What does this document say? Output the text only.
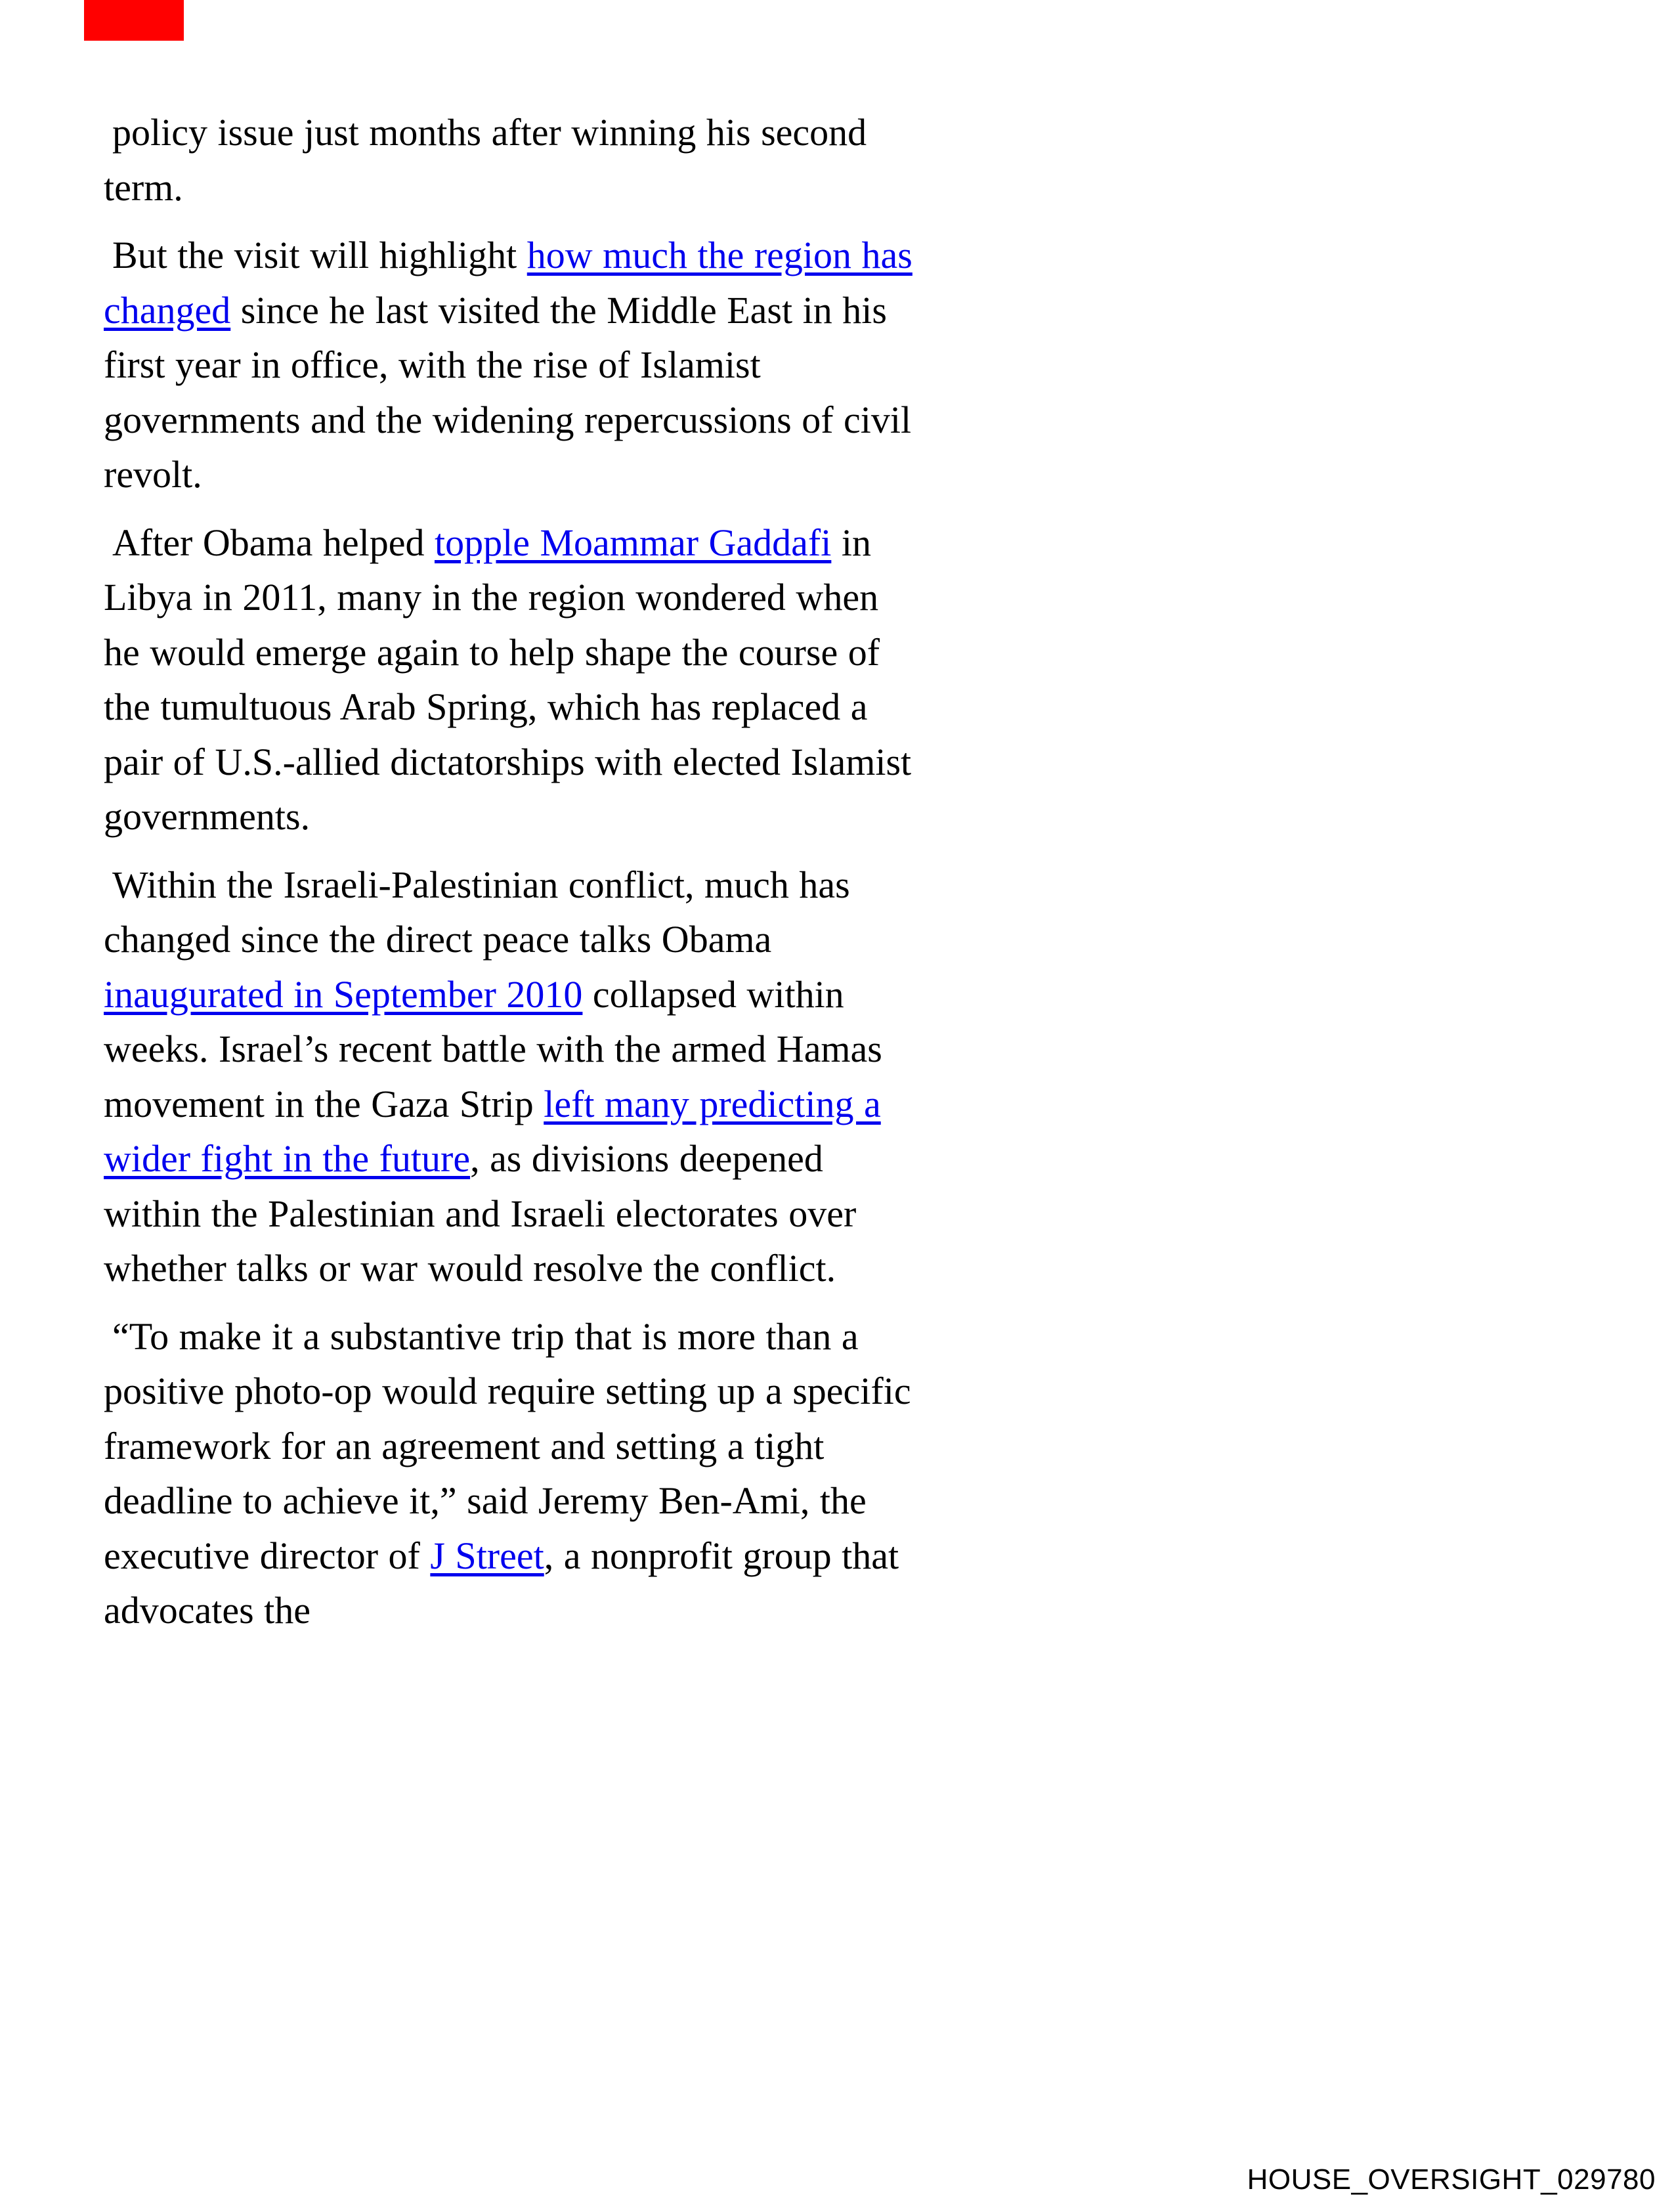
policy issue just months after winning his second term.

But the visit will highlight how much the region has changed since he last visited the Middle East in his first year in office, with the rise of Islamist governments and the widening repercussions of civil revolt.

After Obama helped topple Moammar Gaddafi in Libya in 2011, many in the region wondered when he would emerge again to help shape the course of the tumultuous Arab Spring, which has replaced a pair of U.S.-allied dictatorships with elected Islamist governments.

Within the Israeli-Palestinian conflict, much has changed since the direct peace talks Obama inaugurated in September 2010 collapsed within weeks. Israel’s recent battle with the armed Hamas movement in the Gaza Strip left many predicting a wider fight in the future, as divisions deepened within the Palestinian and Israeli electorates over whether talks or war would resolve the conflict.

“To make it a substantive trip that is more than a positive photo-op would require setting up a specific framework for an agreement and setting a tight deadline to achieve it,” said Jeremy Ben-Ami, the executive director of J Street, a nonprofit group that advocates the

HOUSE_OVERSIGHT_029780
